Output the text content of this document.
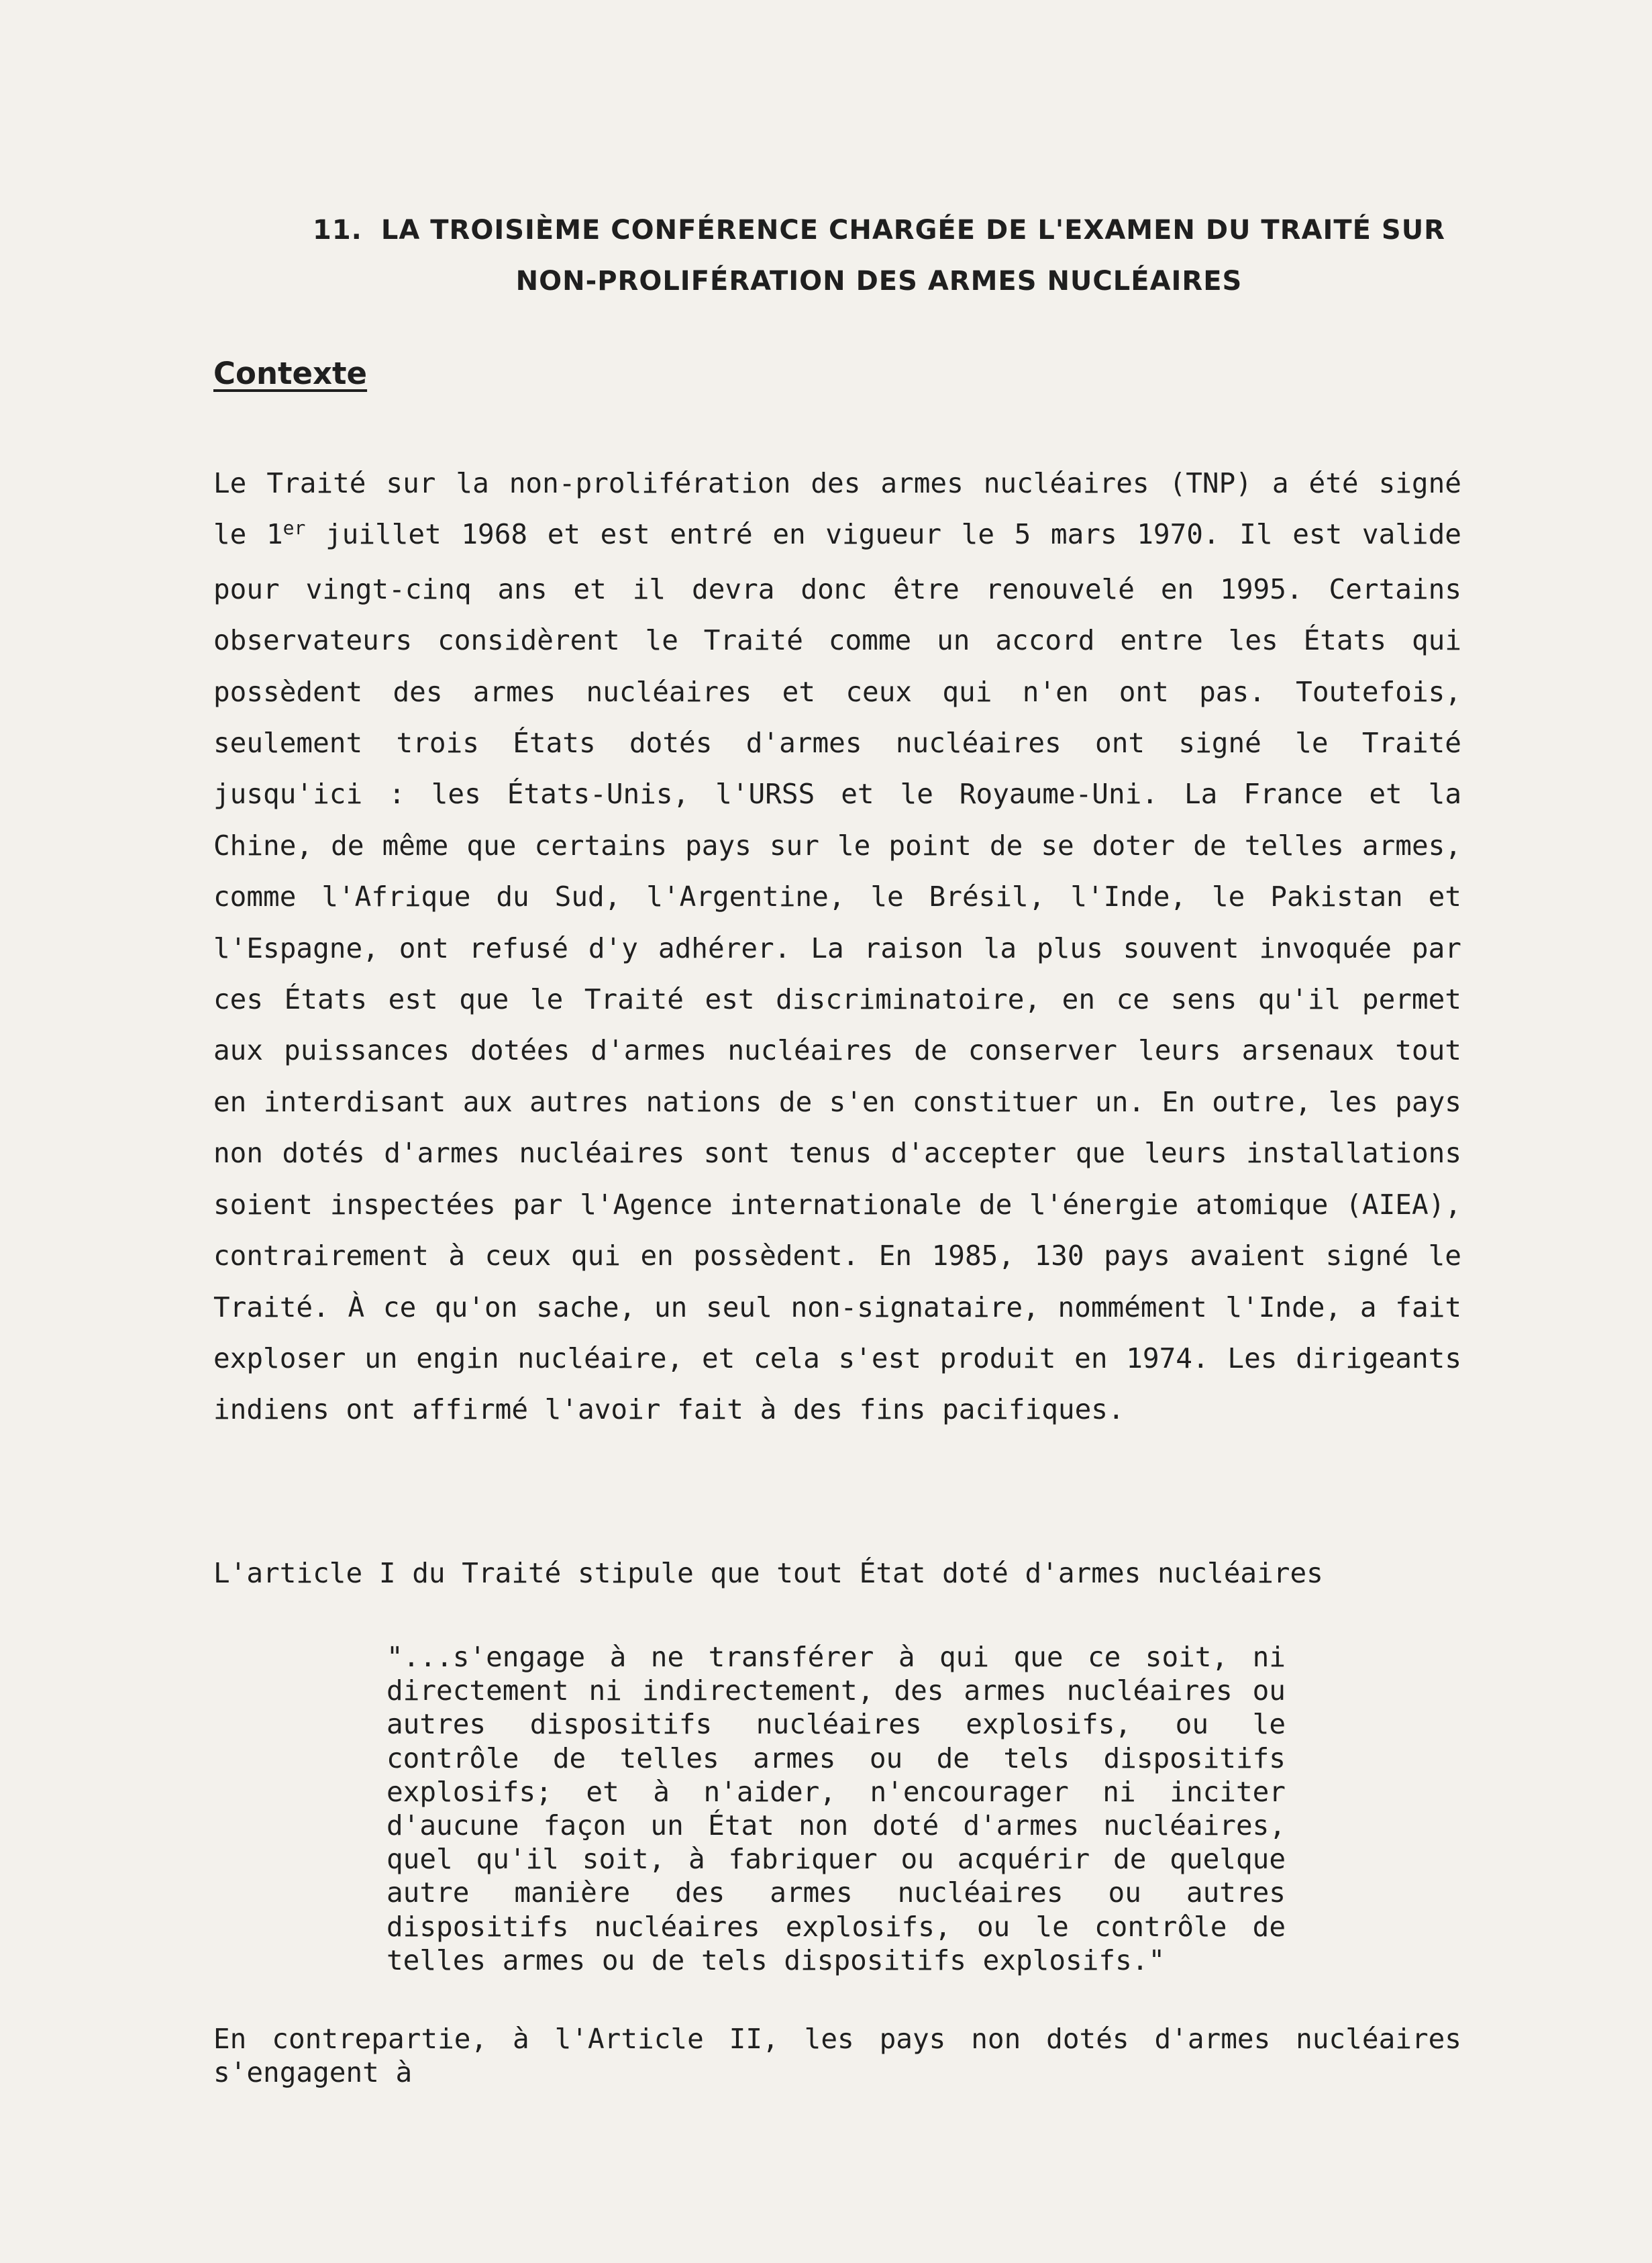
11. LA TROISIÈME CONFÉRENCE CHARGÉE DE L'EXAMEN DU TRAITÉ SUR
NON-PROLIFÉRATION DES ARMES NUCLÉAIRES
Contexte

Le Traité sur la non-prolifération des armes nucléaires (TNP) a été signé le 1er juillet 1968 et est entré en vigueur le 5 mars 1970. Il est valide pour vingt-cinq ans et il devra donc être renouvelé en 1995. Certains observateurs considèrent le Traité comme un accord entre les États qui possèdent des armes nucléaires et ceux qui n'en ont pas. Toutefois, seulement trois États dotés d'armes nucléaires ont signé le Traité jusqu'ici : les États-Unis, l'URSS et le Royaume-Uni. La France et la Chine, de même que certains pays sur le point de se doter de telles armes, comme l'Afrique du Sud, l'Argentine, le Brésil, l'Inde, le Pakistan et l'Espagne, ont refusé d'y adhérer. La raison la plus souvent invoquée par ces États est que le Traité est discriminatoire, en ce sens qu'il permet aux puissances dotées d'armes nucléaires de conserver leurs arsenaux tout en interdisant aux autres nations de s'en constituer un. En outre, les pays non dotés d'armes nucléaires sont tenus d'accepter que leurs installations soient inspectées par l'Agence internationale de l'énergie atomique (AIEA), contrairement à ceux qui en possèdent. En 1985, 130 pays avaient signé le Traité. À ce qu'on sache, un seul non-signataire, nommément l'Inde, a fait exploser un engin nucléaire, et cela s'est produit en 1974. Les dirigeants indiens ont affirmé l'avoir fait à des fins pacifiques.

L'article I du Traité stipule que tout État doté d'armes nucléaires

"...s'engage à ne transférer à qui que ce soit, ni directement ni indirectement, des armes nucléaires ou autres dispositifs nucléaires explosifs, ou le contrôle de telles armes ou de tels dispositifs explosifs; et à n'aider, n'encourager ni inciter d'aucune façon un État non doté d'armes nucléaires, quel qu'il soit, à fabriquer ou acquérir de quelque autre manière des armes nucléaires ou autres dispositifs nucléaires explosifs, ou le contrôle de telles armes ou de tels dispositifs explosifs."

En contrepartie, à l'Article II, les pays non dotés d'armes nucléaires s'engagent à
